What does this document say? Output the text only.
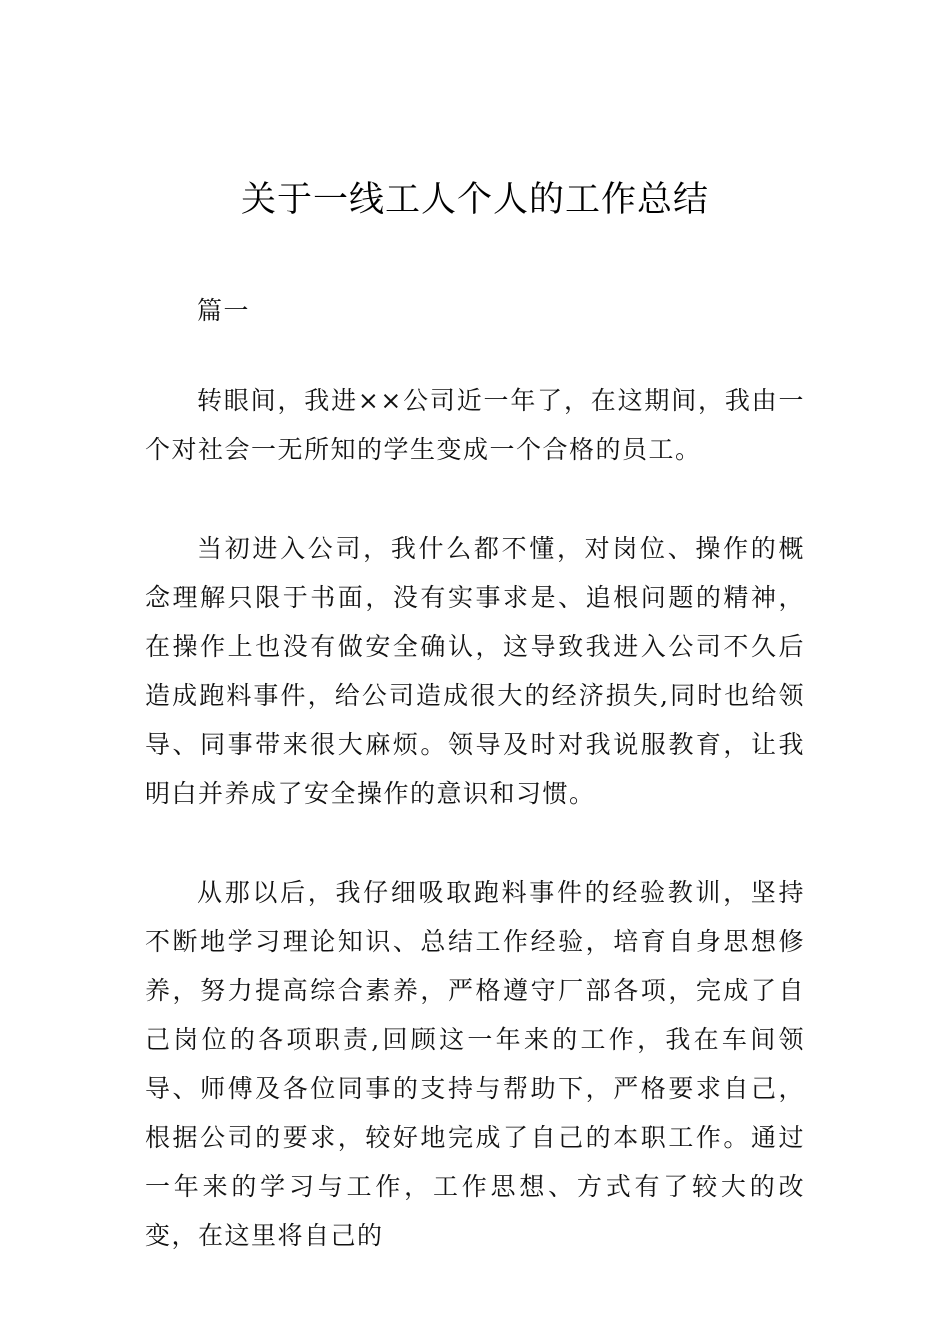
关于一线工人个人的工作总结

篇一

转眼间，我进××公司近一年了，在这期间，我由一个对社会一无所知的学生变成一个合格的员工。

当初进入公司，我什么都不懂，对岗位、操作的概念理解只限于书面，没有实事求是、追根问题的精神，在操作上也没有做安全确认，这导致我进入公司不久后造成跑料事件，给公司造成很大的经济损失,同时也给领导、同事带来很大麻烦。领导及时对我说服教育，让我明白并养成了安全操作的意识和习惯。

从那以后，我仔细吸取跑料事件的经验教训，坚持不断地学习理论知识、总结工作经验，培育自身思想修养，努力提高综合素养，严格遵守厂部各项，完成了自己岗位的各项职责,回顾这一年来的工作，我在车间领导、师傅及各位同事的支持与帮助下，严格要求自己，根据公司的要求，较好地完成了自己的本职工作。通过一年来的学习与工作，工作思想、方式有了较大的改变，在这里将自己的
